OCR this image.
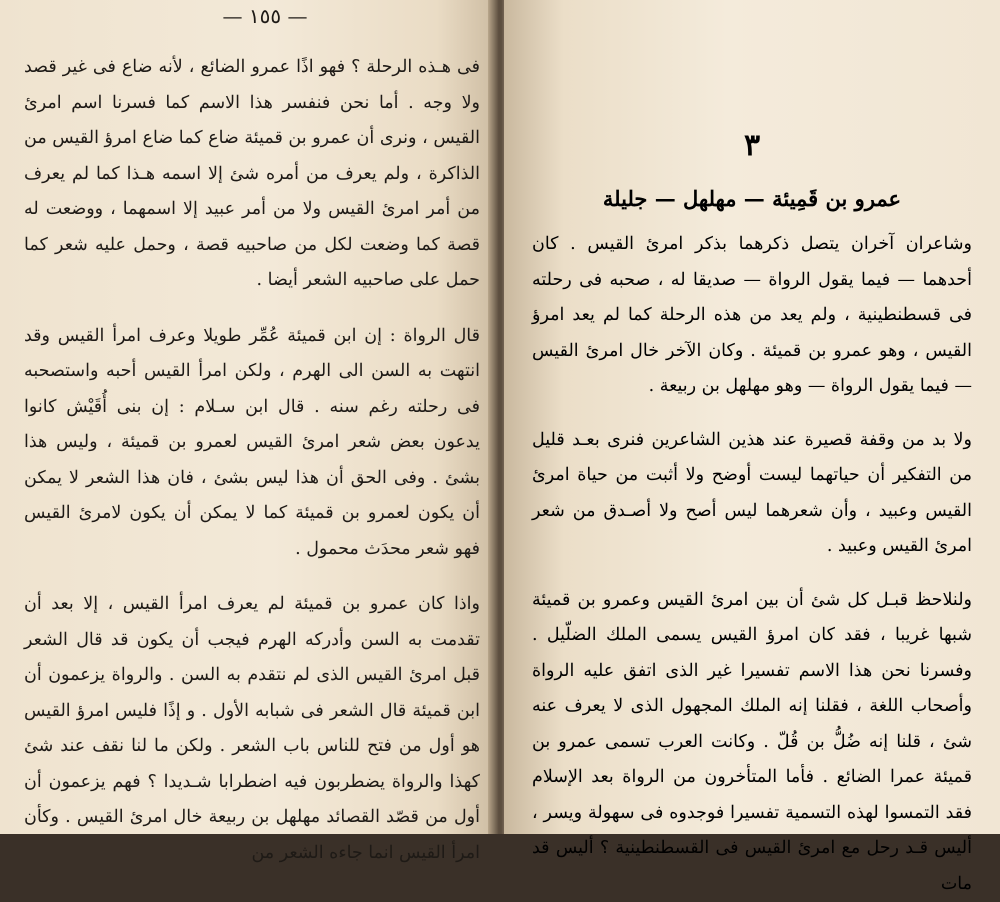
— ١٥٥ —

فى هـذه الرحلة ؟ فهو اذًا عمرو الضائع ، لأنه ضاع فى غير قصد ولا وجه . أما نحن فنفسر هذا الاسم كما فسرنا اسم امرئ القيس ، ونرى أن عمرو بن قميئة ضاع كما ضاع امرؤ القيس من الذاكرة ، ولم يعرف من أمره شئ إلا اسمه هـذا كما لم يعرف من أمر امرئ القيس ولا من أمر عبيد إلا اسمهما ، ووضعت له قصة كما وضعت لكل من صاحبيه قصة ، وحمل عليه شعر كما حمل على صاحبيه الشعر أيضا .

قال الرواة : إن ابن قميئة عُمِّر طويلا وعرف امرأ القيس وقد انتهت به السن الى الهرم ، ولكن امرأ القيس أحبه واستصحبه فى رحلته رغم سنه . قال ابن سـلام : إن بنى أُقَيْش كانوا يدعون بعض شعر امرئ القيس لعمرو بن قميئة ، وليس هذا بشئ . وفى الحق أن هذا ليس بشئ ، فان هذا الشعر لا يمكن أن يكون لعمرو بن قميئة كما لا يمكن أن يكون لامرئ القيس فهو شعر محدَث محمول .

واذا كان عمرو بن قميئة لم يعرف امرأ القيس ، إلا بعد أن تقدمت به السن وأدركه الهرم فيجب أن يكون قد قال الشعر قبل امرئ القيس الذى لم نتقدم به السن . والرواة يزعمون أن ابن قميئة قال الشعر فى شبابه الأول . و إذًا فليس امرؤ القيس هو أول من فتح للناس باب الشعر . ولكن ما لنا نقف عند شئ كهذا والرواة يضطربون فيه اضطرابا شـديدا ؟ فهم يزعمون أن أول من قصّد القصائد مهلهل بن ربيعة خال امرئ القيس . وكأن امرأ القيس انما جاءه الشعر من

٣
عمرو بن قَمِيئة — مهلهل — جليلة

وشاعران آخران يتصل ذكرهما بذكر امرئ القيس . كان أحدهما — فيما يقول الرواة — صديقا له ، صحبه فى رحلته فى قسطنطينية ، ولم يعد من هذه الرحلة كما لم يعد امرؤ القيس ، وهو عمرو بن قميئة . وكان الآخر خال امرئ القيس — فيما يقول الرواة — وهو مهلهل بن ربيعة .

ولا بد من وقفة قصيرة عند هذين الشاعرين فنرى بعـد قليل من التفكير أن حياتهما ليست أوضح ولا أثبت من حياة امرئ القيس وعبيد ، وأن شعرهما ليس أصح ولا أصـدق من شعر امرئ القيس وعبيد .

ولنلاحظ قبـل كل شئ أن بين امرئ القيس وعمرو بن قميئة شبها غريبا ، فقد كان امرؤ القيس يسمى الملك الضلّيل . وفسرنا نحن هذا الاسم تفسيرا غير الذى اتفق عليه الرواة وأصحاب اللغة ، فقلنا إنه الملك المجهول الذى لا يعرف عنه شئ ، قلنا إنه ضُلُّ بن قُلّ . وكانت العرب تسمى عمرو بن قميئة عمرا الضائع . فأما المتأخرون من الرواة بعد الإسلام فقد التمسوا لهذه التسمية تفسيرا فوجدوه فى سهولة ويسر ، أليس قـد رحل مع امرئ القيس فى القسطنطينية ؟ أليس قد مات
